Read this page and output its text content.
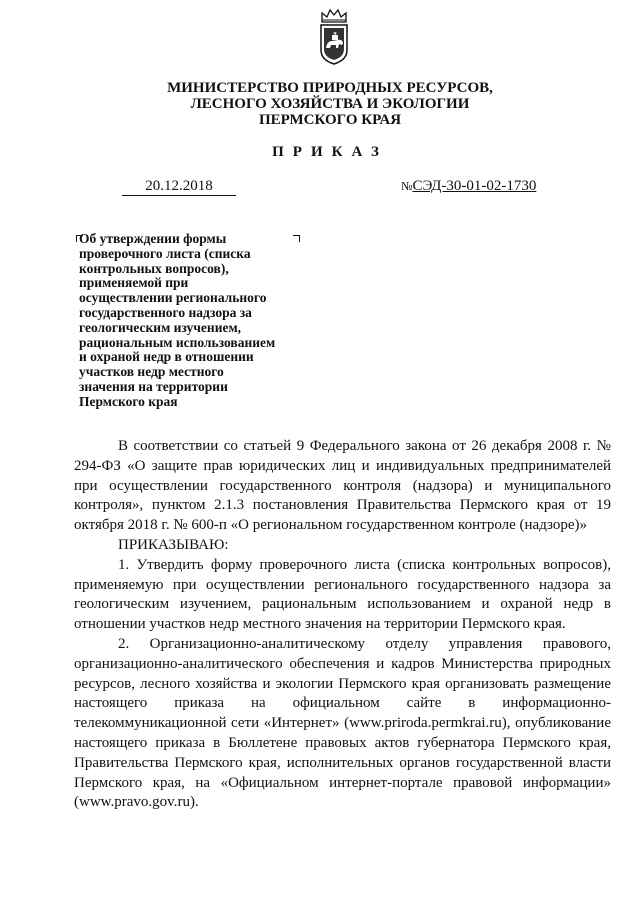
МИНИСТЕРСТВО ПРИРОДНЫХ РЕСУРСОВ,
ЛЕСНОГО ХОЗЯЙСТВА И ЭКОЛОГИИ
ПЕРМСКОГО КРАЯ
ПРИКАЗ
20.12.2018	№СЭД-30-01-02-1730
Об утверждении формы
проверочного листа (списка
контрольных вопросов),
применяемой при
осуществлении регионального
государственного надзора за
геологическим изучением,
рациональным использованием
и охраной недр в отношении
участков недр местного
значения на территории
Пермского края

В соответствии со статьей 9 Федерального закона от 26 декабря 2008 г. № 294-ФЗ «О защите прав юридических лиц и индивидуальных предпринимателей при осуществлении государственного контроля (надзора) и муниципального контроля», пунктом 2.1.3 постановления Правительства Пермского края от 19 октября 2018 г. № 600-п «О региональном государственном контроле (надзоре)»

ПРИКАЗЫВАЮ:

1. Утвердить форму проверочного листа (списка контрольных вопросов), применяемую при осуществлении регионального государственного надзора за геологическим изучением, рациональным использованием и охраной недр в отношении участков недр местного значения на территории Пермского края.

2. Организационно-аналитическому отделу управления правового, организационно-аналитического обеспечения и кадров Министерства природных ресурсов, лесного хозяйства и экологии Пермского края организовать размещение настоящего приказа на официальном сайте в информационно-телекоммуникационной сети «Интернет» (www.priroda.permkrai.ru), опубликование настоящего приказа в Бюллетене правовых актов губернатора Пермского края, Правительства Пермского края, исполнительных органов государственной власти Пермского края, на «Официальном интернет-портале правовой информации» (www.pravo.gov.ru).
